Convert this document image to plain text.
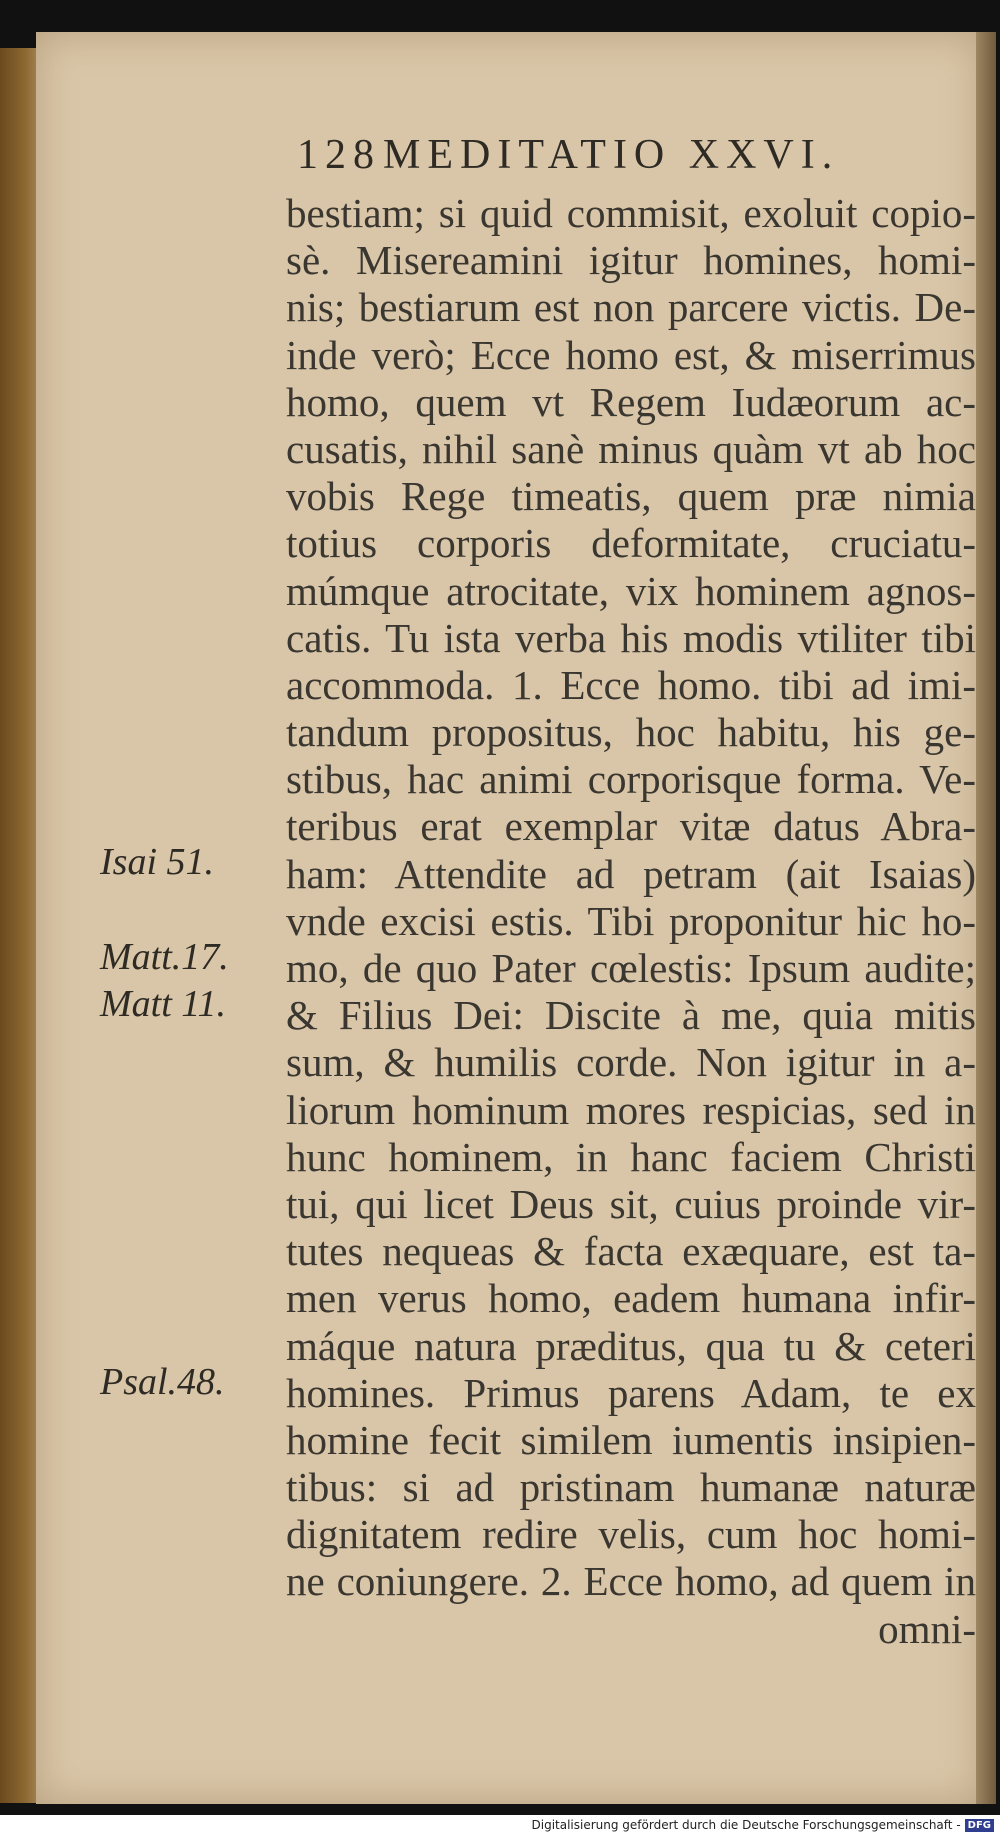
128MEDITATIO XXVI.
bestiam; si quid commisit, exoluit copio-
sè. Misereamini igitur homines, homi-
nis; bestiarum est non parcere victis. De-
inde verò; Ecce homo est, & miserrimus
homo, quem vt Regem Iudæorum ac-
cusatis, nihil sanè minus quàm vt ab hoc
vobis Rege timeatis, quem præ nimia
totius corporis deformitate, cruciatu-
múmque atrocitate, vix hominem agnos-
catis. Tu ista verba his modis vtiliter tibi
accommoda. 1. Ecce homo. tibi ad imi-
tandum propositus, hoc habitu, his ge-
stibus, hac animi corporisque forma. Ve-
teribus erat exemplar vitæ datus Abra-
ham: Attendite ad petram (ait Isaias)
vnde excisi estis. Tibi proponitur hic ho-
mo, de quo Pater cœlestis: Ipsum audite;
& Filius Dei: Discite à me, quia mitis
sum, & humilis corde. Non igitur in a-
liorum hominum mores respicias, sed in
hunc hominem, in hanc faciem Christi
tui, qui licet Deus sit, cuius proinde vir-
tutes nequeas & facta exæquare, est ta-
men verus homo, eadem humana infir-
máque natura præditus, qua tu & ceteri
homines. Primus parens Adam, te ex
homine fecit similem iumentis insipien-
tibus: si ad pristinam humanæ naturæ
dignitatem redire velis, cum hoc homi-
ne coniungere. 2. Ecce homo, ad quem in
omni-
Isai 51.
Matt.17.
Matt 11.
Psal.48.
Digitalisierung gefördert durch die Deutsche Forschungsgemeinschaft - DFG
